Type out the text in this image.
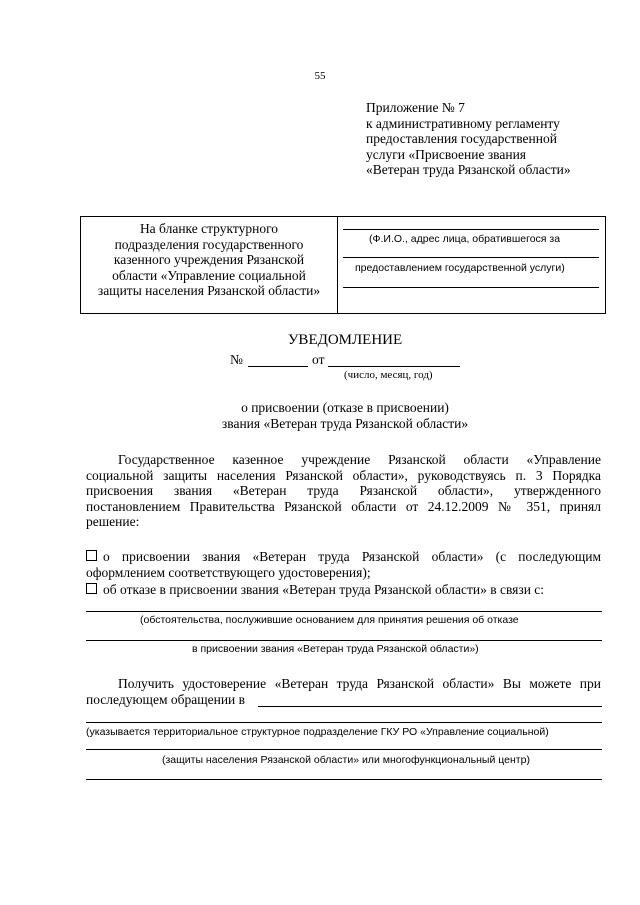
55
Приложение № 7
к административному регламенту
предоставления государственной
услуги «Присвоение звания
«Ветеран труда Рязанской области»
На бланке структурного
подразделения государственного
казенного учреждения Рязанской
области «Управление социальной
защиты населения Рязанской области»
(Ф.И.О., адрес лица, обратившегося за
предоставлением государственной услуги)
УВЕДОМЛЕНИЕ
№	от
(число, месяц, год)
о присвоении (отказе в присвоении)
звания «Ветеран труда Рязанской области»
Государственное казенное учреждение Рязанской области «Управление
социальной защиты населения Рязанской области», руководствуясь п. 3 Порядка
присвоения звания «Ветеран труда Рязанской области», утвержденного
постановлением Правительства Рязанской области от 24.12.2009 № 351, принял
решение:
о присвоении звания «Ветеран труда Рязанской области» (с последующим
оформлением соответствующего удостоверения);
об отказе в присвоении звания «Ветеран труда Рязанской области» в связи с:
(обстоятельства, послужившие основанием для принятия решения об отказе
в присвоении звания «Ветеран труда Рязанской области»)
Получить удостоверение «Ветеран труда Рязанской области» Вы можете при
последующем обращении в
(указывается территориальное структурное подразделение ГКУ РО «Управление социальной)
(защиты населения Рязанской области» или многофункциональный центр)
